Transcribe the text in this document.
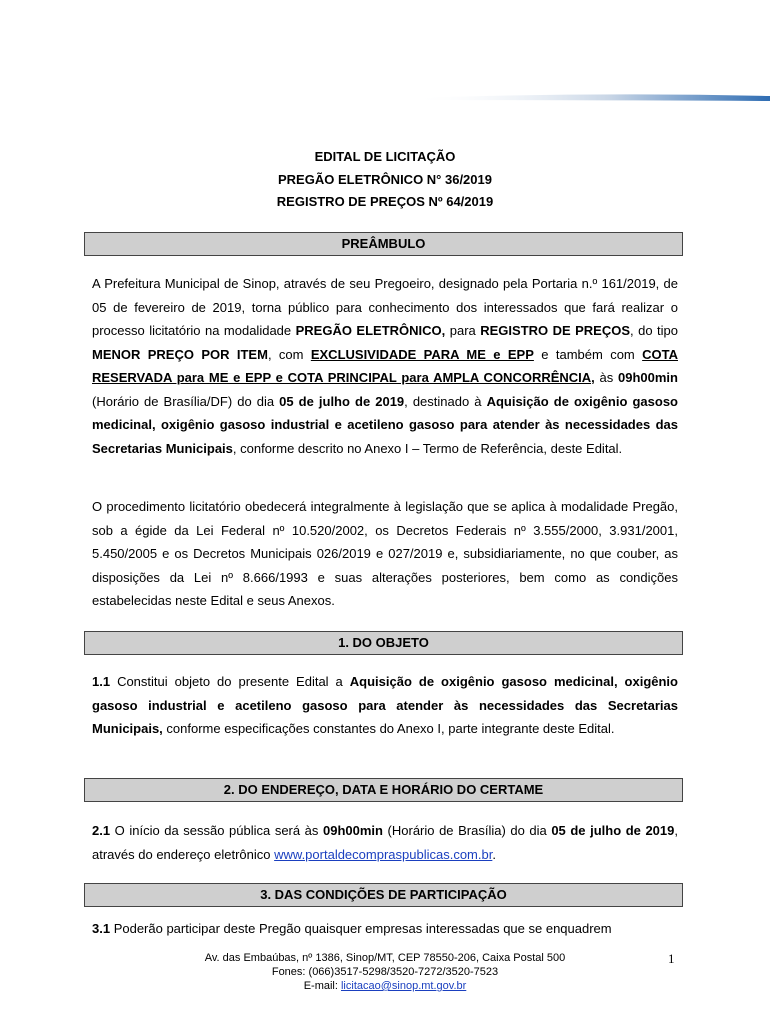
EDITAL DE LICITAÇÃO
PREGÃO ELETRÔNICO N° 36/2019
REGISTRO DE PREÇOS Nº 64/2019
PREÂMBULO
A Prefeitura Municipal de Sinop, através de seu Pregoeiro, designado pela Portaria n.º 161/2019, de 05 de fevereiro de 2019, torna público para conhecimento dos interessados que fará realizar o processo licitatório na modalidade PREGÃO ELETRÔNICO, para REGISTRO DE PREÇOS, do tipo MENOR PREÇO POR ITEM, com EXCLUSIVIDADE PARA ME e EPP e também com COTA RESERVADA para ME e EPP e COTA PRINCIPAL para AMPLA CONCORRÊNCIA, às 09h00min (Horário de Brasília/DF) do dia 05 de julho de 2019, destinado à Aquisição de oxigênio gasoso medicinal, oxigênio gasoso industrial e acetileno gasoso para atender às necessidades das Secretarias Municipais, conforme descrito no Anexo I – Termo de Referência, deste Edital.
O procedimento licitatório obedecerá integralmente à legislação que se aplica à modalidade Pregão, sob a égide da Lei Federal nº 10.520/2002, os Decretos Federais nº 3.555/2000, 3.931/2001, 5.450/2005 e os Decretos Municipais 026/2019 e 027/2019 e, subsidiariamente, no que couber, as disposições da Lei nº 8.666/1993 e suas alterações posteriores, bem como as condições estabelecidas neste Edital e seus Anexos.
1. DO OBJETO
1.1 Constitui objeto do presente Edital a Aquisição de oxigênio gasoso medicinal, oxigênio gasoso industrial e acetileno gasoso para atender às necessidades das Secretarias Municipais, conforme especificações constantes do Anexo I, parte integrante deste Edital.
2. DO ENDEREÇO, DATA E HORÁRIO DO CERTAME
2.1 O início da sessão pública será às 09h00min (Horário de Brasília) do dia 05 de julho de 2019, através do endereço eletrônico www.portaldecompraspublicas.com.br.
3. DAS CONDIÇÕES DE PARTICIPAÇÃO
3.1 Poderão participar deste Pregão quaisquer empresas interessadas que se enquadrem
Av. das Embaúbas, nº 1386, Sinop/MT, CEP 78550-206, Caixa Postal 500
Fones: (066)3517-5298/3520-7272/3520-7523
E-mail: licitacao@sinop.mt.gov.br
1
